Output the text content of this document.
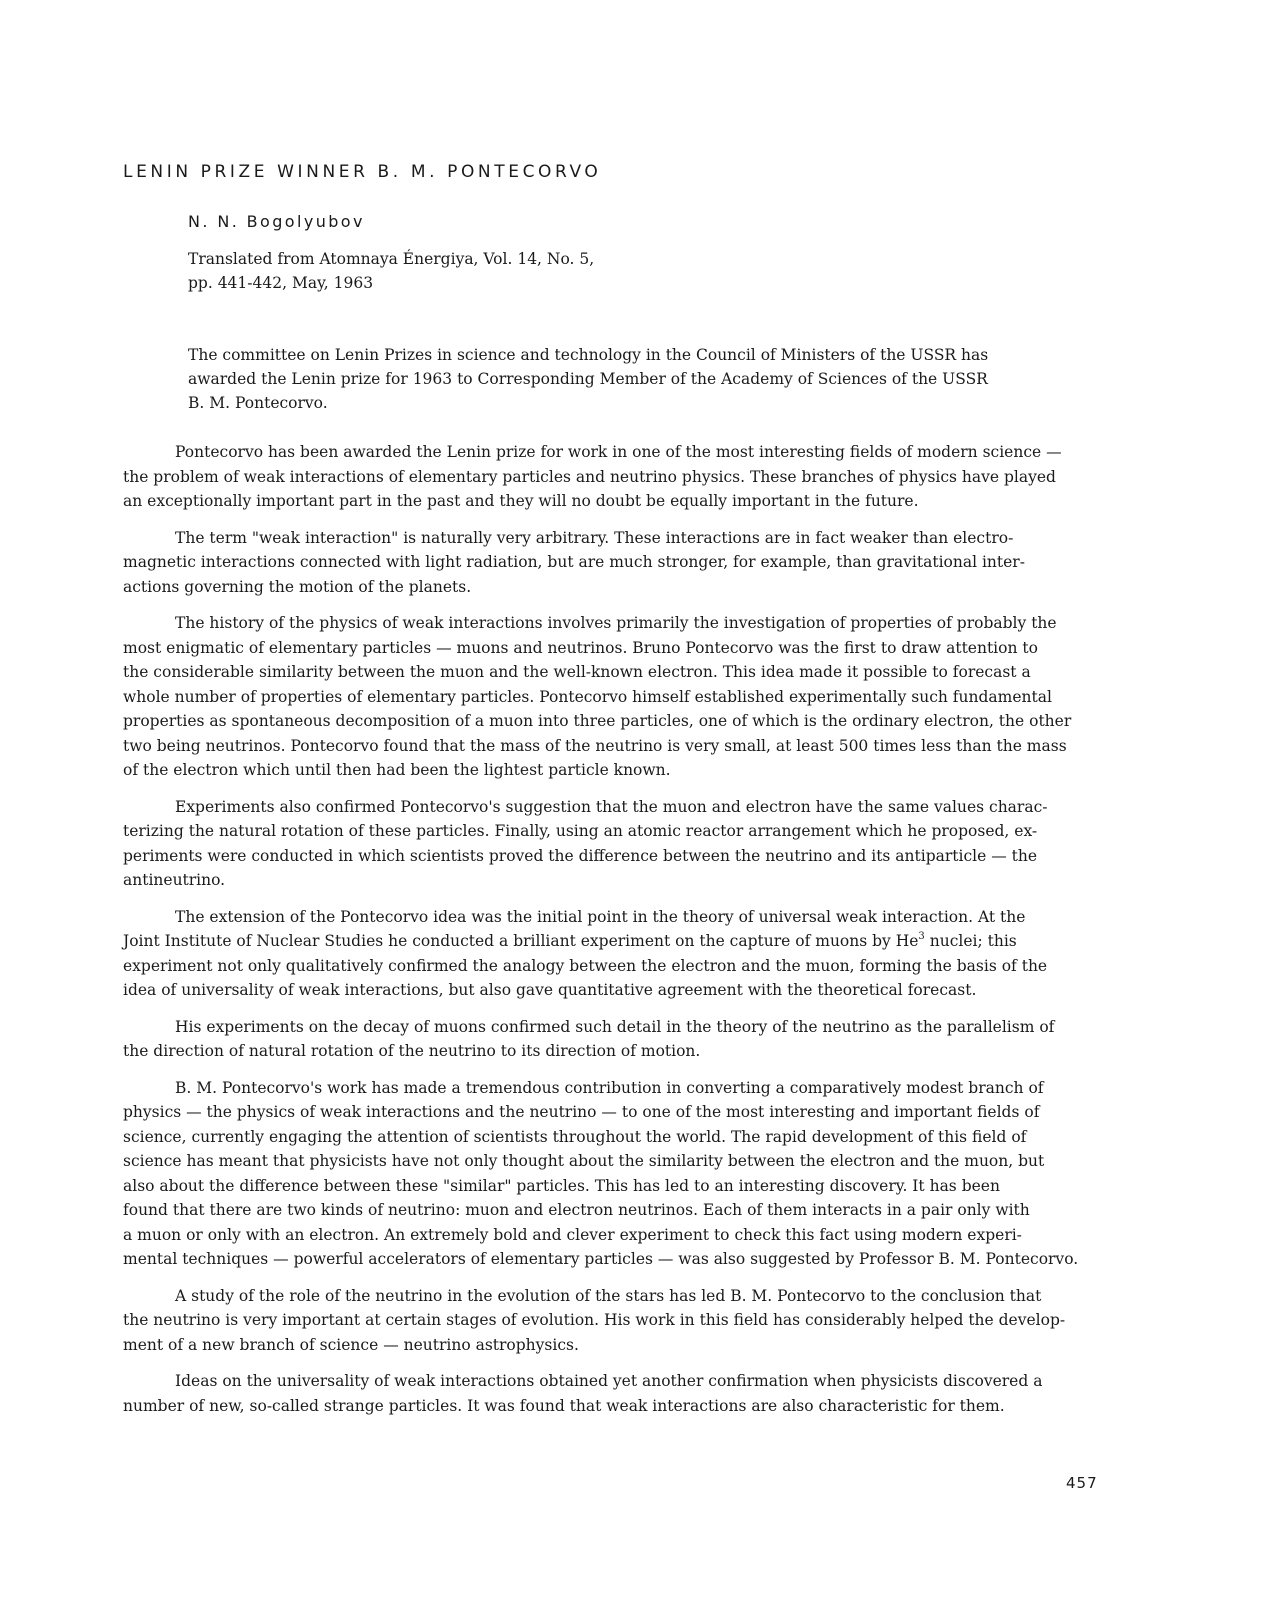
LENIN PRIZE WINNER B. M. PONTECORVO
N. N. Bogolyubov
Translated from Atomnaya Énergiya, Vol. 14, No. 5,
pp. 441-442, May, 1963
The committee on Lenin Prizes in science and technology in the Council of Ministers of the USSR has
awarded the Lenin prize for 1963 to Corresponding Member of the Academy of Sciences of the USSR
B. M. Pontecorvo.
Pontecorvo has been awarded the Lenin prize for work in one of the most interesting fields of modern science —
the problem of weak interactions of elementary particles and neutrino physics. These branches of physics have played
an exceptionally important part in the past and they will no doubt be equally important in the future.
The term "weak interaction" is naturally very arbitrary. These interactions are in fact weaker than electro-
magnetic interactions connected with light radiation, but are much stronger, for example, than gravitational inter-
actions governing the motion of the planets.
The history of the physics of weak interactions involves primarily the investigation of properties of probably the
most enigmatic of elementary particles — muons and neutrinos. Bruno Pontecorvo was the first to draw attention to
the considerable similarity between the muon and the well-known electron. This idea made it possible to forecast a
whole number of properties of elementary particles. Pontecorvo himself established experimentally such fundamental
properties as spontaneous decomposition of a muon into three particles, one of which is the ordinary electron, the other
two being neutrinos. Pontecorvo found that the mass of the neutrino is very small, at least 500 times less than the mass
of the electron which until then had been the lightest particle known.
Experiments also confirmed Pontecorvo's suggestion that the muon and electron have the same values charac-
terizing the natural rotation of these particles. Finally, using an atomic reactor arrangement which he proposed, ex-
periments were conducted in which scientists proved the difference between the neutrino and its antiparticle — the
antineutrino.
The extension of the Pontecorvo idea was the initial point in the theory of universal weak interaction. At the
Joint Institute of Nuclear Studies he conducted a brilliant experiment on the capture of muons by He$^3$ nuclei; this
experiment not only qualitatively confirmed the analogy between the electron and the muon, forming the basis of the
idea of universality of weak interactions, but also gave quantitative agreement with the theoretical forecast.
His experiments on the decay of muons confirmed such detail in the theory of the neutrino as the parallelism of
the direction of natural rotation of the neutrino to its direction of motion.
B. M. Pontecorvo's work has made a tremendous contribution in converting a comparatively modest branch of
physics — the physics of weak interactions and the neutrino — to one of the most interesting and important fields of
science, currently engaging the attention of scientists throughout the world. The rapid development of this field of
science has meant that physicists have not only thought about the similarity between the electron and the muon, but
also about the difference between these "similar" particles. This has led to an interesting discovery. It has been
found that there are two kinds of neutrino: muon and electron neutrinos. Each of them interacts in a pair only with
a muon or only with an electron. An extremely bold and clever experiment to check this fact using modern experi-
mental techniques — powerful accelerators of elementary particles — was also suggested by Professor B. M. Pontecorvo.
A study of the role of the neutrino in the evolution of the stars has led B. M. Pontecorvo to the conclusion that
the neutrino is very important at certain stages of evolution. His work in this field has considerably helped the develop-
ment of a new branch of science — neutrino astrophysics.
Ideas on the universality of weak interactions obtained yet another confirmation when physicists discovered a
number of new, so-called strange particles. It was found that weak interactions are also characteristic for them.
457
